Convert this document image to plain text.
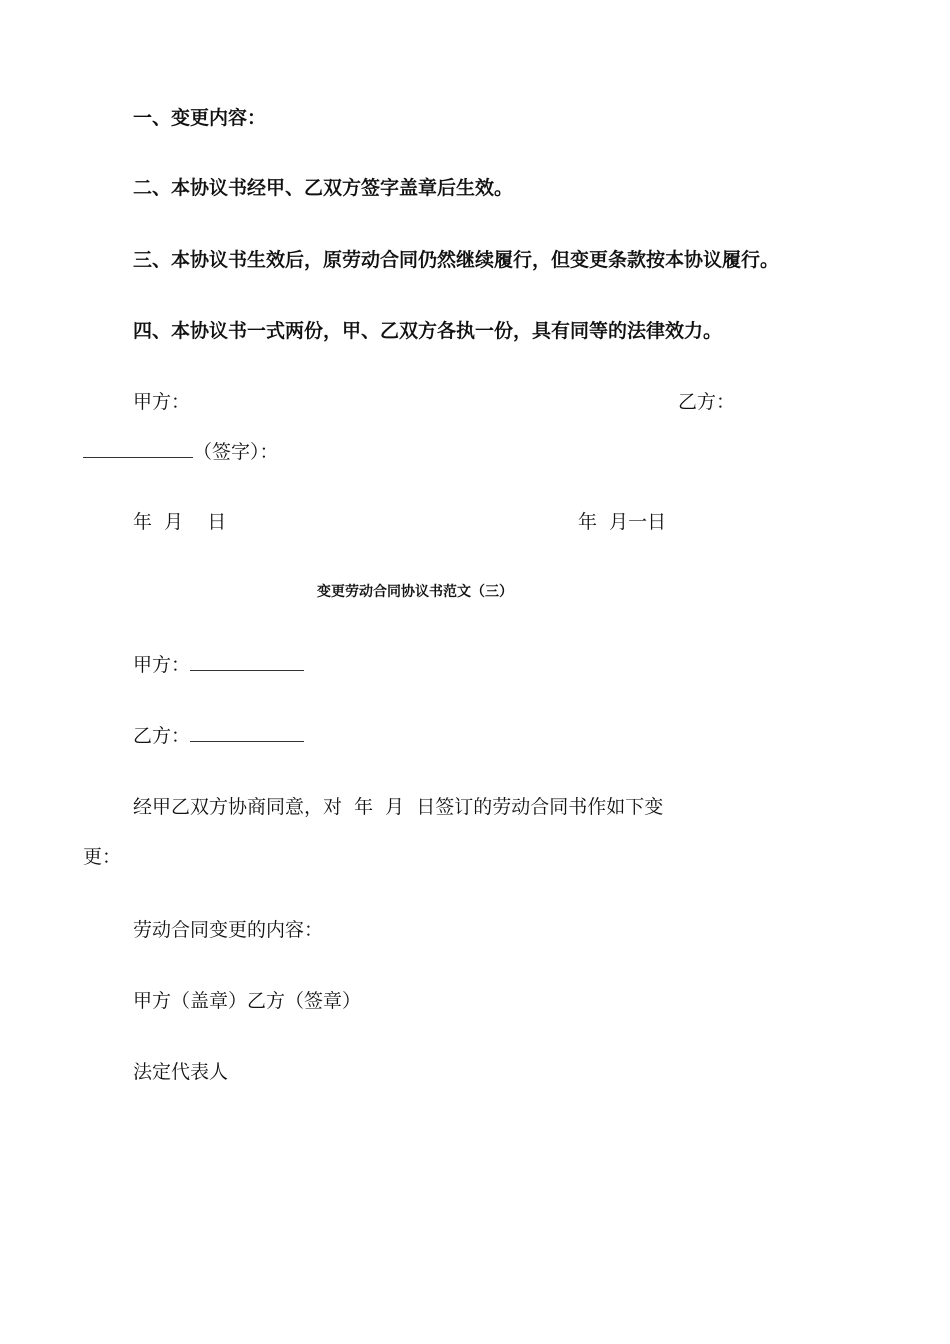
一、变更内容：
二、本协议书经甲、乙双方签字盖章后生效。
三、本协议书生效后，原劳动合同仍然继续履行，但变更条款按本协议履行。
四、本协议书一式两份，甲、乙双方各执一份，具有同等的法律效力。
甲方：	乙方：
（签字）：
年  月    日	年  月一日
变更劳动合同协议书范文（三）
甲方：
乙方：
经甲乙双方协商同意，对  年  月  日签订的劳动合同书作如下变
更：
劳动合同变更的内容：
甲方（盖章）乙方（签章）
法定代表人
